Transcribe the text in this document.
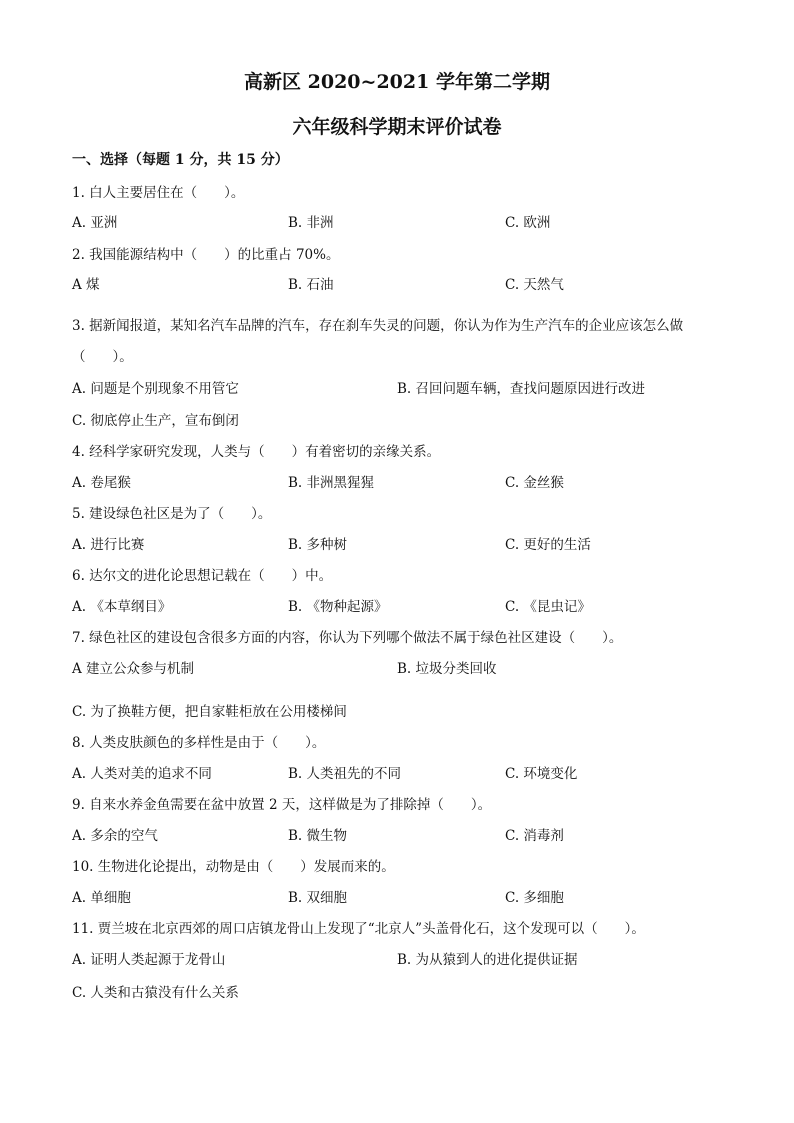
高新区 2020~2021 学年第二学期
六年级科学期末评价试卷

一、选择（每题 1 分，共 15 分）

1. 白人主要居住在（　　）。

A. 亚洲	B. 非洲	C. 欧洲

2. 我国能源结构中（　　）的比重占 70%。

A 煤	B. 石油	C. 天然气

3. 据新闻报道，某知名汽车品牌的汽车，存在刹车失灵的问题，你认为作为生产汽车的企业应该怎么做（　　）。

A. 问题是个别现象不用管它	B. 召回问题车辆，查找问题原因进行改进
C. 彻底停止生产，宣布倒闭

4. 经科学家研究发现，人类与（　　）有着密切的亲缘关系。

A. 卷尾猴	B. 非洲黑猩猩	C. 金丝猴

5. 建设绿色社区是为了（　　）。

A. 进行比赛	B. 多种树	C. 更好的生活

6. 达尔文的进化论思想记载在（　　）中。

A. 《本草纲目》	B. 《物种起源》	C. 《昆虫记》

7. 绿色社区的建设包含很多方面的内容，你认为下列哪个做法不属于绿色社区建设（　　）。

A 建立公众参与机制	B. 垃圾分类回收
C. 为了换鞋方便，把自家鞋柜放在公用楼梯间

8. 人类皮肤颜色的多样性是由于（　　）。

A. 人类对美的追求不同	B. 人类祖先的不同	C. 环境变化

9. 自来水养金鱼需要在盆中放置 2 天，这样做是为了排除掉（　　）。

A. 多余的空气	B. 微生物	C. 消毒剂

10. 生物进化论提出，动物是由（　　）发展而来的。

A. 单细胞	B. 双细胞	C. 多细胞

11. 贾兰坡在北京西郊的周口店镇龙骨山上发现了“北京人”头盖骨化石，这个发现可以（　　）。

A. 证明人类起源于龙骨山	B. 为从猿到人的进化提供证据
C. 人类和古猿没有什么关系
